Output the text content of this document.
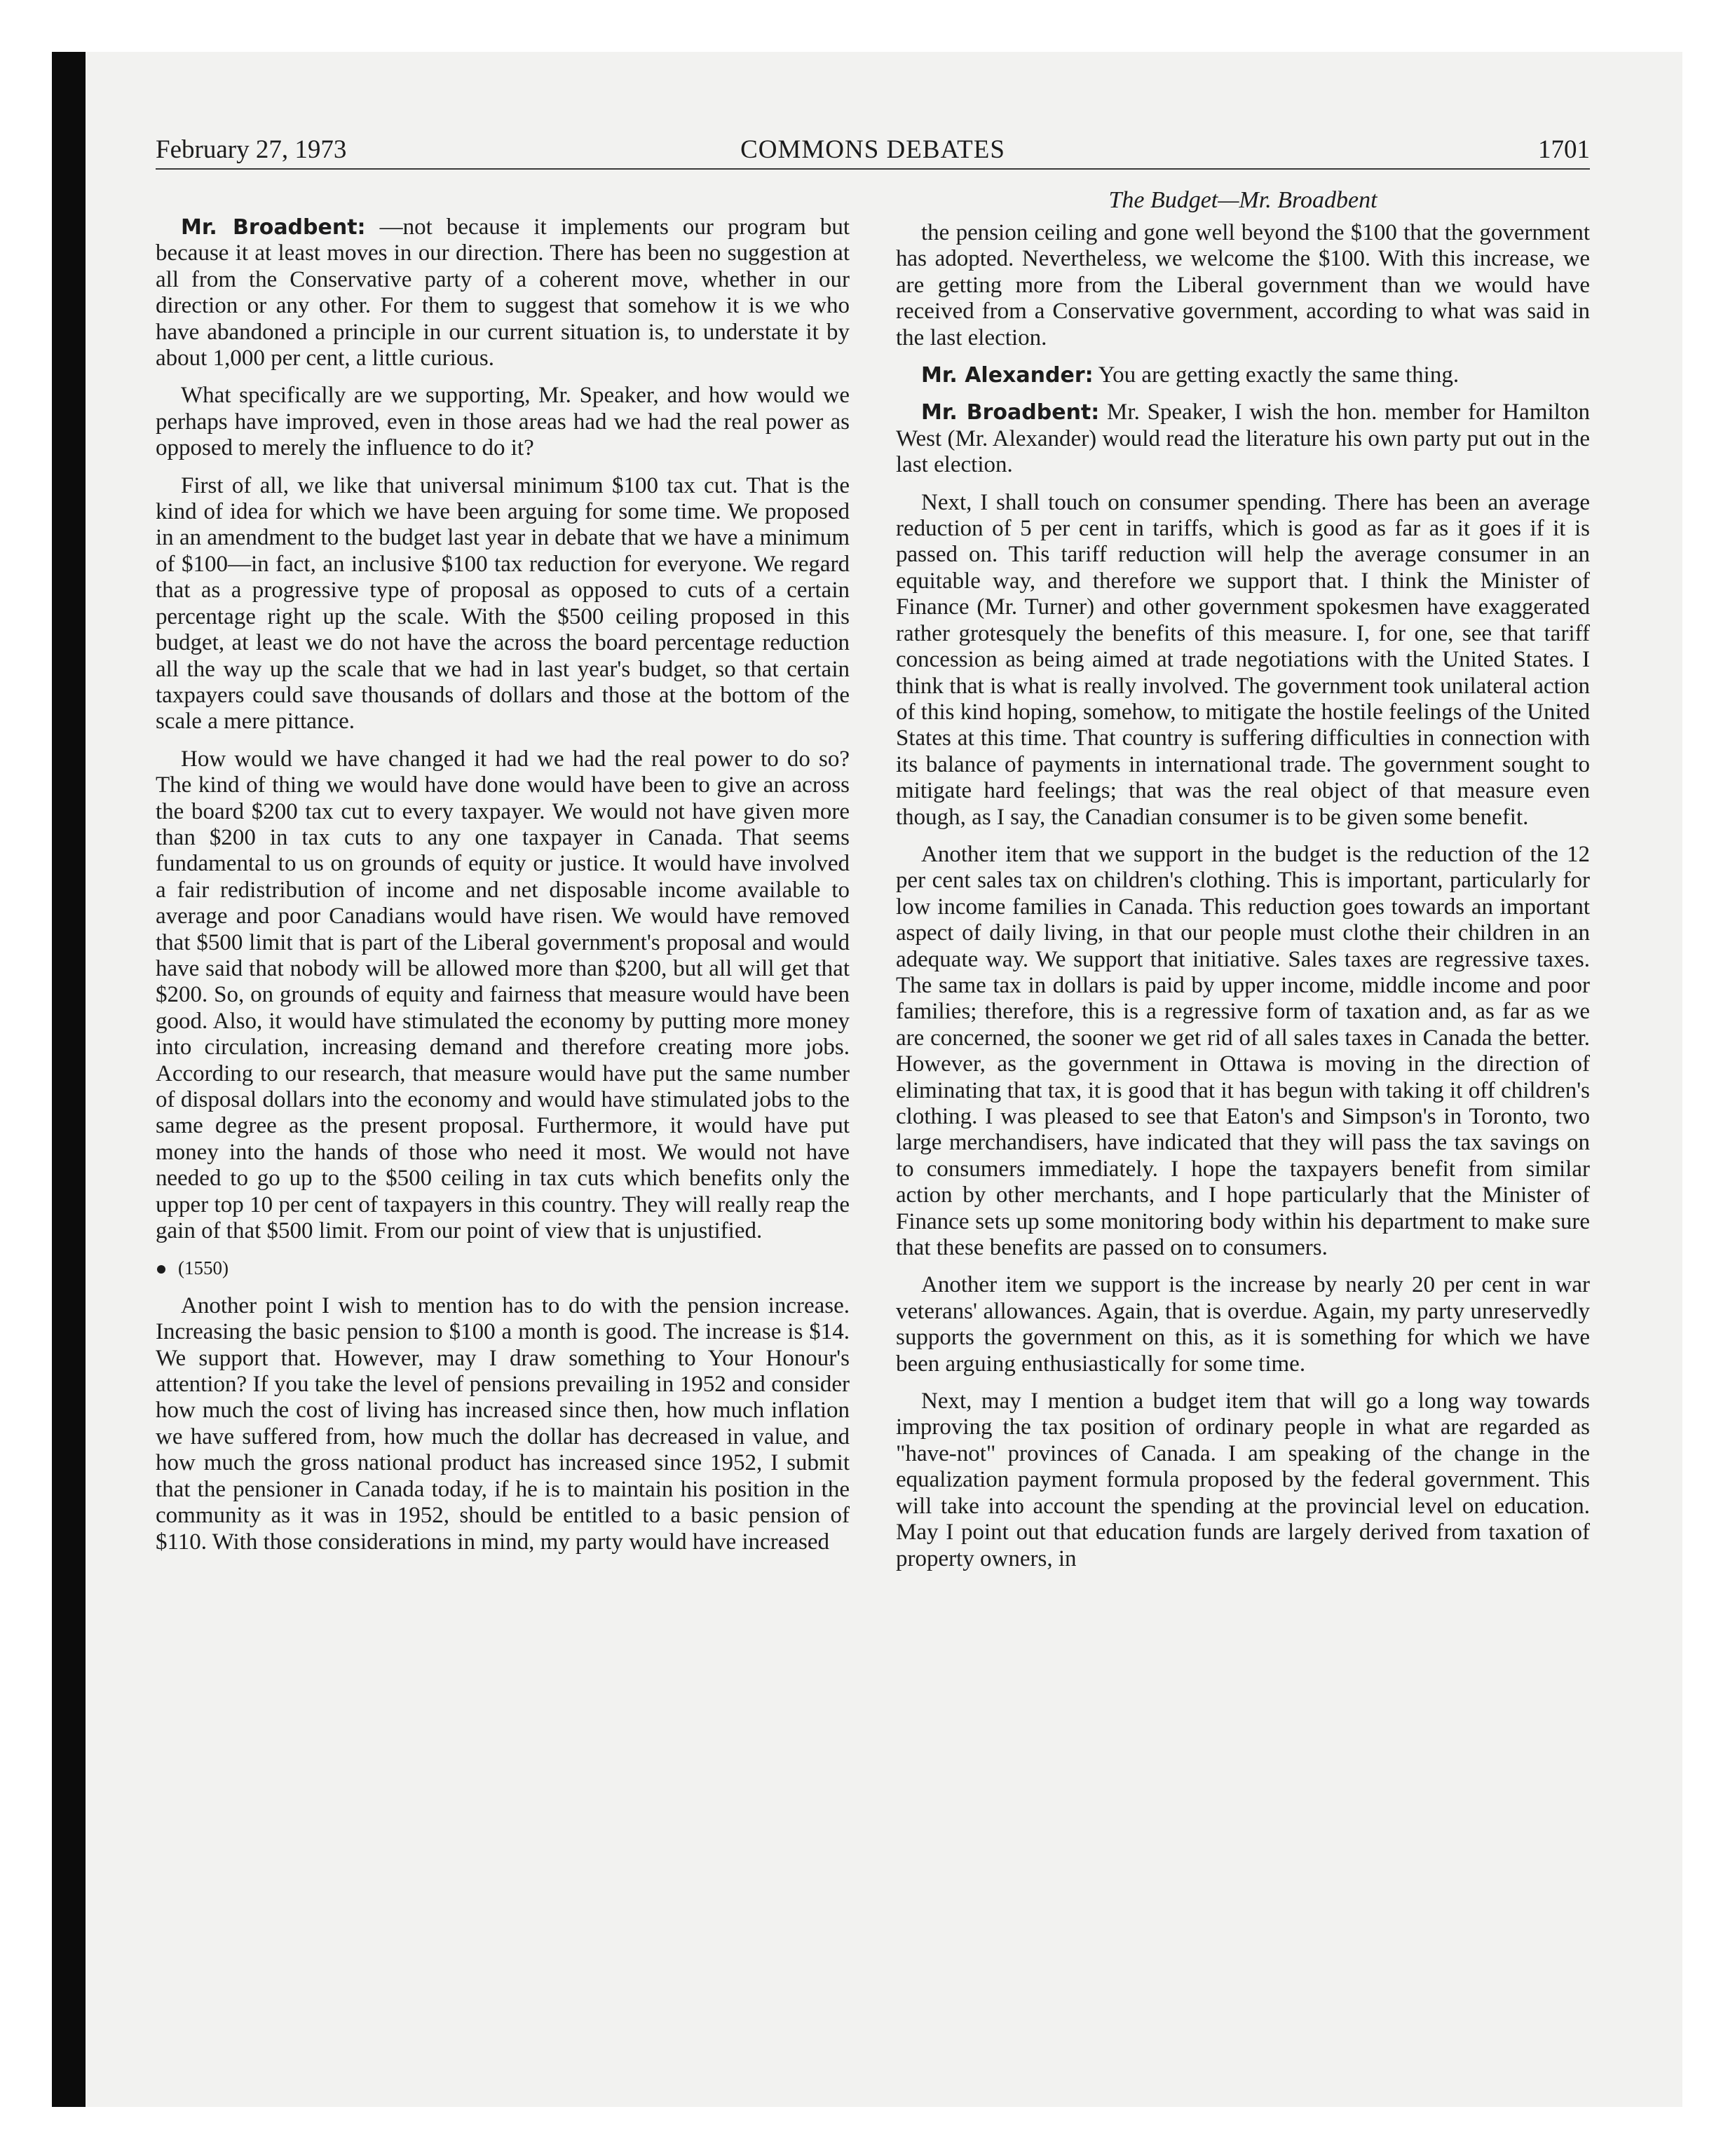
February 27, 1973	COMMONS DEBATES	1701

Mr. Broadbent: —not because it implements our program but because it at least moves in our direction. There has been no suggestion at all from the Conservative party of a coherent move, whether in our direction or any other. For them to suggest that somehow it is we who have abandoned a principle in our current situation is, to understate it by about 1,000 per cent, a little curious.

What specifically are we supporting, Mr. Speaker, and how would we perhaps have improved, even in those areas had we had the real power as opposed to merely the influence to do it?

First of all, we like that universal minimum $100 tax cut. That is the kind of idea for which we have been arguing for some time. We proposed in an amendment to the budget last year in debate that we have a minimum of $100—in fact, an inclusive $100 tax reduction for everyone. We regard that as a progressive type of proposal as opposed to cuts of a certain percentage right up the scale. With the $500 ceiling proposed in this budget, at least we do not have the across the board percentage reduction all the way up the scale that we had in last year's budget, so that certain taxpayers could save thousands of dollars and those at the bottom of the scale a mere pittance.

How would we have changed it had we had the real power to do so? The kind of thing we would have done would have been to give an across the board $200 tax cut to every taxpayer. We would not have given more than $200 in tax cuts to any one taxpayer in Canada. That seems fundamental to us on grounds of equity or justice. It would have involved a fair redistribution of income and net disposable income available to average and poor Canadians would have risen. We would have removed that $500 limit that is part of the Liberal government's proposal and would have said that nobody will be allowed more than $200, but all will get that $200. So, on grounds of equity and fairness that measure would have been good. Also, it would have stimulated the economy by putting more money into circulation, increasing demand and therefore creating more jobs. According to our research, that measure would have put the same number of disposal dollars into the economy and would have stimulated jobs to the same degree as the present proposal. Furthermore, it would have put money into the hands of those who need it most. We would not have needed to go up to the $500 ceiling in tax cuts which benefits only the upper top 10 per cent of taxpayers in this country. They will really reap the gain of that $500 limit. From our point of view that is unjustified.

(1550)

Another point I wish to mention has to do with the pension increase. Increasing the basic pension to $100 a month is good. The increase is $14. We support that. However, may I draw something to Your Honour's attention? If you take the level of pensions prevailing in 1952 and consider how much the cost of living has increased since then, how much inflation we have suffered from, how much the dollar has decreased in value, and how much the gross national product has increased since 1952, I submit that the pensioner in Canada today, if he is to maintain his position in the community as it was in 1952, should be entitled to a basic pension of $110. With those considerations in mind, my party would have increased

The Budget—Mr. Broadbent

the pension ceiling and gone well beyond the $100 that the government has adopted. Nevertheless, we welcome the $100. With this increase, we are getting more from the Liberal government than we would have received from a Conservative government, according to what was said in the last election.

Mr. Alexander: You are getting exactly the same thing.

Mr. Broadbent: Mr. Speaker, I wish the hon. member for Hamilton West (Mr. Alexander) would read the literature his own party put out in the last election.

Next, I shall touch on consumer spending. There has been an average reduction of 5 per cent in tariffs, which is good as far as it goes if it is passed on. This tariff reduction will help the average consumer in an equitable way, and therefore we support that. I think the Minister of Finance (Mr. Turner) and other government spokesmen have exaggerated rather grotesquely the benefits of this measure. I, for one, see that tariff concession as being aimed at trade negotiations with the United States. I think that is what is really involved. The government took unilateral action of this kind hoping, somehow, to mitigate the hostile feelings of the United States at this time. That country is suffering difficulties in connection with its balance of payments in international trade. The government sought to mitigate hard feelings; that was the real object of that measure even though, as I say, the Canadian consumer is to be given some benefit.

Another item that we support in the budget is the reduction of the 12 per cent sales tax on children's clothing. This is important, particularly for low income families in Canada. This reduction goes towards an important aspect of daily living, in that our people must clothe their children in an adequate way. We support that initiative. Sales taxes are regressive taxes. The same tax in dollars is paid by upper income, middle income and poor families; therefore, this is a regressive form of taxation and, as far as we are concerned, the sooner we get rid of all sales taxes in Canada the better. However, as the government in Ottawa is moving in the direction of eliminating that tax, it is good that it has begun with taking it off children's clothing. I was pleased to see that Eaton's and Simpson's in Toronto, two large merchandisers, have indicated that they will pass the tax savings on to consumers immediately. I hope the taxpayers benefit from similar action by other merchants, and I hope particularly that the Minister of Finance sets up some monitoring body within his department to make sure that these benefits are passed on to consumers.

Another item we support is the increase by nearly 20 per cent in war veterans' allowances. Again, that is overdue. Again, my party unreservedly supports the government on this, as it is something for which we have been arguing enthusiastically for some time.

Next, may I mention a budget item that will go a long way towards improving the tax position of ordinary people in what are regarded as "have-not" provinces of Canada. I am speaking of the change in the equalization payment formula proposed by the federal government. This will take into account the spending at the provincial level on education. May I point out that education funds are largely derived from taxation of property owners, in
